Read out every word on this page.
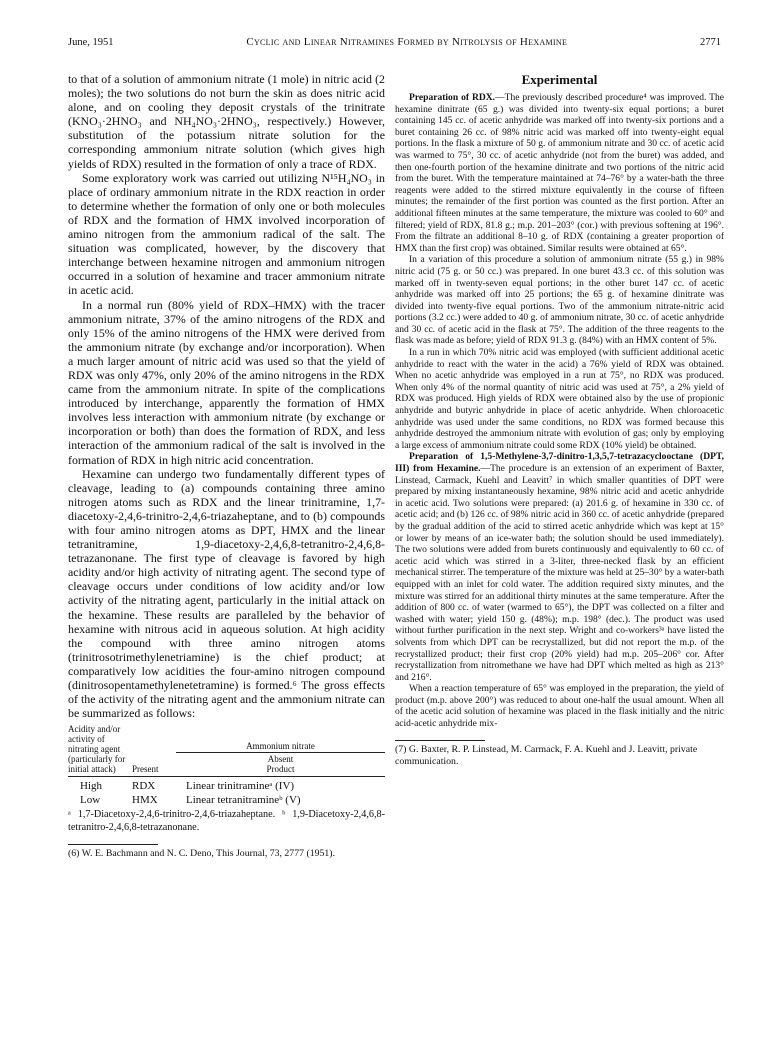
June, 1951	Cyclic and Linear Nitramines Formed by Nitrolysis of Hexamine	2771

to that of a solution of ammonium nitrate (1 mole) in nitric acid (2 moles); the two solutions do not burn the skin as does nitric acid alone, and on cooling they deposit crystals of the trinitrate (KNO₃·2HNO₃ and NH₄NO₃·2HNO₃, respectively.) However, substitution of the potassium nitrate solution for the corresponding ammonium nitrate solution (which gives high yields of RDX) resulted in the formation of only a trace of RDX.

Some exploratory work was carried out utilizing N¹⁵H₄NO₃ in place of ordinary ammonium nitrate in the RDX reaction in order to determine whether the formation of only one or both molecules of RDX and the formation of HMX involved incorporation of amino nitrogen from the ammonium radical of the salt. The situation was complicated, however, by the discovery that interchange between hexamine nitrogen and ammonium nitrogen occurred in a solution of hexamine and tracer ammonium nitrate in acetic acid.

In a normal run (80% yield of RDX–HMX) with the tracer ammonium nitrate, 37% of the amino nitrogens of the RDX and only 15% of the amino nitrogens of the HMX were derived from the ammonium nitrate (by exchange and/or incorporation). When a much larger amount of nitric acid was used so that the yield of RDX was only 47%, only 20% of the amino nitrogens in the RDX came from the ammonium nitrate. In spite of the complications introduced by interchange, apparently the formation of HMX involves less interaction with ammonium nitrate (by exchange or incorporation or both) than does the formation of RDX, and less interaction of the ammonium radical of the salt is involved in the formation of RDX in high nitric acid concentration.

Hexamine can undergo two fundamentally different types of cleavage, leading to (a) compounds containing three amino nitrogen atoms such as RDX and the linear trinitramine, 1,7-diacetoxy-2,4,6-trinitro-2,4,6-triazaheptane, and to (b) compounds with four amino nitrogen atoms as DPT, HMX and the linear tetranitramine, 1,9-diacetoxy-2,4,6,8-tetranitro-2,4,6,8-tetrazanonane. The first type of cleavage is favored by high acidity and/or high activity of nitrating agent. The second type of cleavage occurs under conditions of low acidity and/or low activity of the nitrating agent, particularly in the initial attack on the hexamine. These results are paralleled by the behavior of hexamine with nitrous acid in aqueous solution. At high acidity the compound with three amino nitrogen atoms (trinitrosotrimethylenetriamine) is the chief product; at comparatively low acidities the four-amino nitrogen compound (dinitrosopentamethylenetetramine) is formed.⁶ The gross effects of the activity of the nitrating agent and the ammonium nitrate can be summarized as follows:

Acidity and/or activity of nitrating agent (particularly for initial attack)	Present
Ammonium nitrate
Absent
Product
High	RDX	Linear trinitramineᵃ (IV)
Low	HMX	Linear tetranitramineᵇ (V)
ᵃ 1,7-Diacetoxy-2,4,6-trinitro-2,4,6-triazaheptane. ᵇ 1,9-Diacetoxy-2,4,6,8-tetranitro-2,4,6,8-tetrazanonane.
(6) W. E. Bachmann and N. C. Deno, This Journal, 73, 2777 (1951).
Experimental

Preparation of RDX.—The previously described procedure⁴ was improved. The hexamine dinitrate (65 g.) was divided into twenty-six equal portions; a buret containing 145 cc. of acetic anhydride was marked off into twenty-six portions and a buret containing 26 cc. of 98% nitric acid was marked off into twenty-eight equal portions. In the flask a mixture of 50 g. of ammonium nitrate and 30 cc. of acetic acid was warmed to 75°, 30 cc. of acetic anhydride (not from the buret) was added, and then one-fourth portion of the hexamine dinitrate and two portions of the nitric acid from the buret. With the temperature maintained at 74–76° by a water-bath the three reagents were added to the stirred mixture equivalently in the course of fifteen minutes; the remainder of the first portion was counted as the first portion. After an additional fifteen minutes at the same temperature, the mixture was cooled to 60° and filtered; yield of RDX, 81.8 g.; m.p. 201–203° (cor.) with previous softening at 196°. From the filtrate an additional 8–10 g. of RDX (containing a greater proportion of HMX than the first crop) was obtained. Similar results were obtained at 65°.

In a variation of this procedure a solution of ammonium nitrate (55 g.) in 98% nitric acid (75 g. or 50 cc.) was prepared. In one buret 43.3 cc. of this solution was marked off in twenty-seven equal portions; in the other buret 147 cc. of acetic anhydride was marked off into 25 portions; the 65 g. of hexamine dinitrate was divided into twenty-five equal portions. Two of the ammonium nitrate-nitric acid portions (3.2 cc.) were added to 40 g. of ammonium nitrate, 30 cc. of acetic anhydride and 30 cc. of acetic acid in the flask at 75°. The addition of the three reagents to the flask was made as before; yield of RDX 91.3 g. (84%) with an HMX content of 5%.

In a run in which 70% nitric acid was employed (with sufficient additional acetic anhydride to react with the water in the acid) a 76% yield of RDX was obtained. When no acetic anhydride was employed in a run at 75°, no RDX was produced. When only 4% of the normal quantity of nitric acid was used at 75°, a 2% yield of RDX was produced. High yields of RDX were obtained also by the use of propionic anhydride and butyric anhydride in place of acetic anhydride. When chloroacetic anhydride was used under the same conditions, no RDX was formed because this anhydride destroyed the ammonium nitrate with evolution of gas; only by employing a large excess of ammonium nitrate could some RDX (10% yield) be obtained.

Preparation of 1,5-Methylene-3,7-dinitro-1,3,5,7-tetrazacyclooctane (DPT, III) from Hexamine.—The procedure is an extension of an experiment of Baxter, Linstead, Carmack, Kuehl and Leavitt⁷ in which smaller quantities of DPT were prepared by mixing instantaneously hexamine, 98% nitric acid and acetic anhydride in acetic acid. Two solutions were prepared: (a) 201.6 g. of hexamine in 330 cc. of acetic acid; and (b) 126 cc. of 98% nitric acid in 360 cc. of acetic anhydride (prepared by the gradual addition of the acid to stirred acetic anhydride which was kept at 15° or lower by means of an ice-water bath; the solution should be used immediately). The two solutions were added from burets continuously and equivalently to 60 cc. of acetic acid which was stirred in a 3-liter, three-necked flask by an efficient mechanical stirrer. The temperature of the mixture was held at 25–30° by a water-bath equipped with an inlet for cold water. The addition required sixty minutes, and the mixture was stirred for an additional thirty minutes at the same temperature. After the addition of 800 cc. of water (warmed to 65°), the DPT was collected on a filter and washed with water; yield 150 g. (48%); m.p. 198° (dec.). The product was used without further purification in the next step. Wright and co-workers³ᵃ have listed the solvents from which DPT can be recrystallized, but did not report the m.p. of the recrystallized product; their first crop (20% yield) had m.p. 205–206° cor. After recrystallization from nitromethane we have had DPT which melted as high as 213° and 216°.

When a reaction temperature of 65° was employed in the preparation, the yield of product (m.p. above 200°) was reduced to about one-half the usual amount. When all of the acetic acid solution of hexamine was placed in the flask initially and the nitric acid-acetic anhydride mix-

(7) G. Baxter, R. P. Linstead, M. Carmack, F. A. Kuehl and J. Leavitt, private communication.
